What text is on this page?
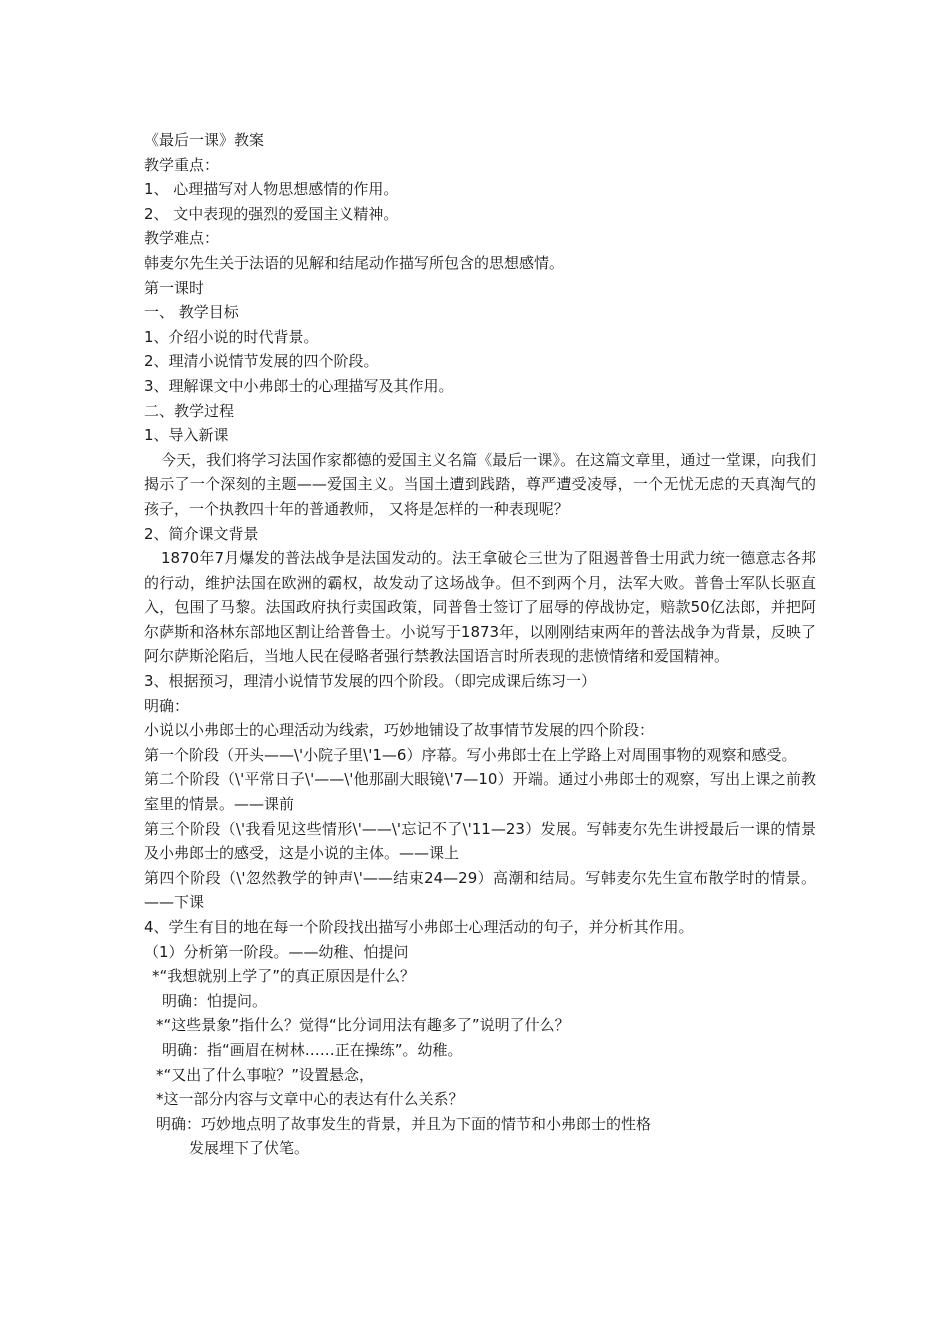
《最后一课》教案
教学重点：
1、 心理描写对人物思想感情的作用。
2、 文中表现的强烈的爱国主义精神。
教学难点：
韩麦尔先生关于法语的见解和结尾动作描写所包含的思想感情。
第一课时
一、 教学目标
1、介绍小说的时代背景。
2、理清小说情节发展的四个阶段。
3、理解课文中小弗郎士的心理描写及其作用。
二、教学过程
1、导入新课
今天，我们将学习法国作家都德的爱国主义名篇《最后一课》。在这篇文章里，通过一堂课，向我们揭示了一个深刻的主题——爱国主义。当国土遭到践踏，尊严遭受凌辱，一个无忧无虑的天真淘气的孩子，一个执教四十年的普通教师， 又将是怎样的一种表现呢？
2、简介课文背景
1870年7月爆发的普法战争是法国发动的。法王拿破仑三世为了阻遏普鲁士用武力统一德意志各邦的行动，维护法国在欧洲的霸权，故发动了这场战争。但不到两个月，法军大败。普鲁士军队长驱直入，包围了马黎。法国政府执行卖国政策，同普鲁士签订了屈辱的停战协定，赔款50亿法郎，并把阿尔萨斯和洛林东部地区割让给普鲁士。小说写于1873年，以刚刚结束两年的普法战争为背景，反映了阿尔萨斯沦陷后，当地人民在侵略者强行禁教法国语言时所表现的悲愤情绪和爱国精神。
3、根据预习，理清小说情节发展的四个阶段。（即完成课后练习一）
明确：
小说以小弗郎士的心理活动为线索，巧妙地铺设了故事情节发展的四个阶段：
第一个阶段（开头——\'小院子里\'1—6）序幕。写小弗郎士在上学路上对周围事物的观察和感受。
第二个阶段（\'平常日子\'——\'他那副大眼镜\'7—10）开端。通过小弗郎士的观察，写出上课之前教室里的情景。——课前
第三个阶段（\'我看见这些情形\'——\'忘记不了\'11—23）发展。写韩麦尔先生讲授最后一课的情景及小弗郎士的感受，这是小说的主体。——课上
第四个阶段（\'忽然教学的钟声\'——结束24—29）高潮和结局。写韩麦尔先生宣布散学时的情景。——下课
4、学生有目的地在每一个阶段找出描写小弗郎士心理活动的句子，并分析其作用。
（1）分析第一阶段。——幼稚、怕提问
*“我想就别上学了”的真正原因是什么？
明确：怕提问。
*“这些景象”指什么？觉得“比分词用法有趣多了”说明了什么？
明确：指“画眉在树林……正在操练”。幼稚。
*“又出了什么事啦？”设置悬念，
*这一部分内容与文章中心的表达有什么关系？
明确：巧妙地点明了故事发生的背景，并且为下面的情节和小弗郎士的性格
发展埋下了伏笔。
